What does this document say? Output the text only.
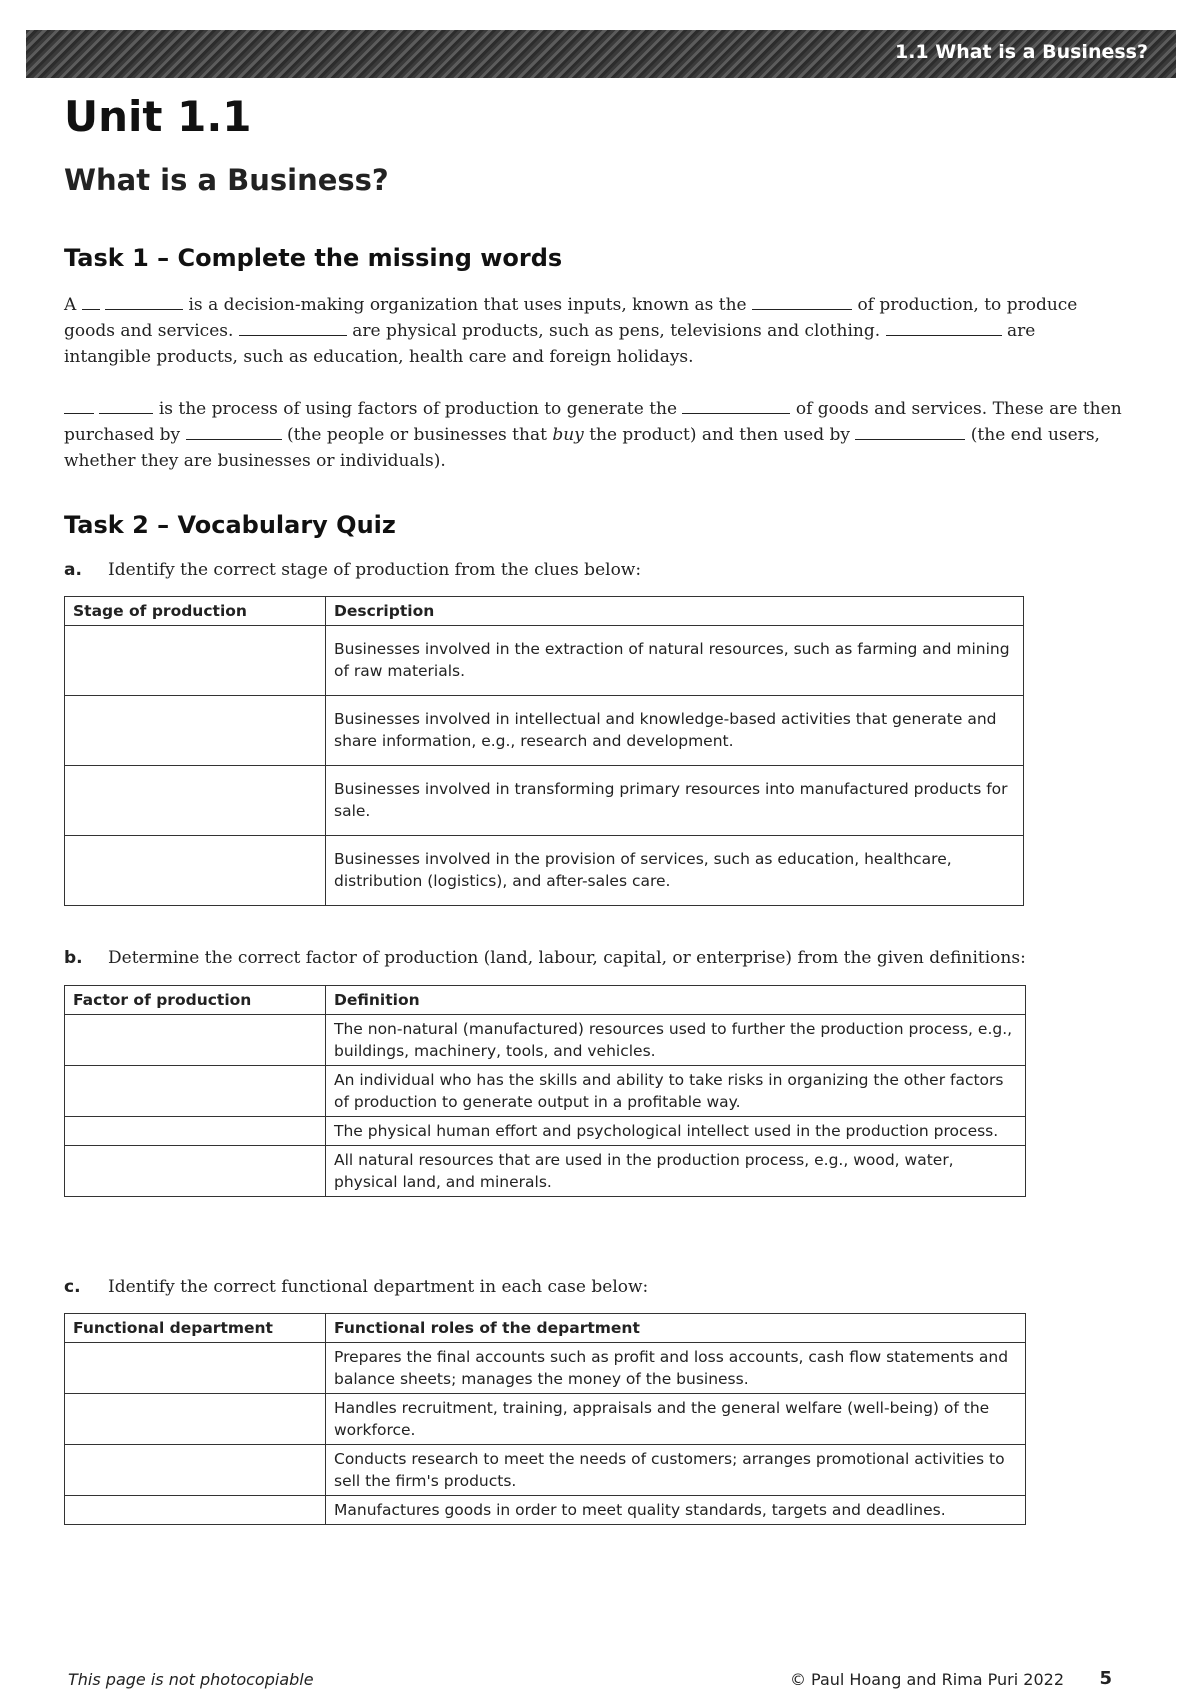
1.1 What is a Business?
Unit 1.1
What is a Business?
Task 1 – Complete the missing words

A	is a decision-making organization that uses inputs, known as the	of production, to produce goods and services.	are physical products, such as pens, televisions and clothing.	are intangible products, such as education, health care and foreign holidays.

is the process of using factors of production to generate the	of goods and services. These are then purchased by	(the people or businesses that buy the product) and then used by	(the end users, whether they are businesses or individuals).

Task 2 – Vocabulary Quiz

a. Identify the correct stage of production from the clues below:

Stage of production	Description
	Businesses involved in the extraction of natural resources, such as farming and mining of raw materials.
	Businesses involved in intellectual and knowledge-based activities that generate and share information, e.g., research and development.
	Businesses involved in transforming primary resources into manufactured products for sale.
	Businesses involved in the provision of services, such as education, healthcare, distribution (logistics), and after-sales care.

b. Determine the correct factor of production (land, labour, capital, or enterprise) from the given definitions:

Factor of production	Definition
	The non-natural (manufactured) resources used to further the production process, e.g., buildings, machinery, tools, and vehicles.
	An individual who has the skills and ability to take risks in organizing the other factors of production to generate output in a profitable way.
	The physical human effort and psychological intellect used in the production process.
	All natural resources that are used in the production process, e.g., wood, water, physical land, and minerals.

c. Identify the correct functional department in each case below:

Functional department	Functional roles of the department
	Prepares the final accounts such as profit and loss accounts, cash flow statements and balance sheets; manages the money of the business.
	Handles recruitment, training, appraisals and the general welfare (well-being) of the workforce.
	Conducts research to meet the needs of customers; arranges promotional activities to sell the firm's products.
	Manufactures goods in order to meet quality standards, targets and deadlines.
This page is not photocopiable	© Paul Hoang and Rima Puri 2022 5
